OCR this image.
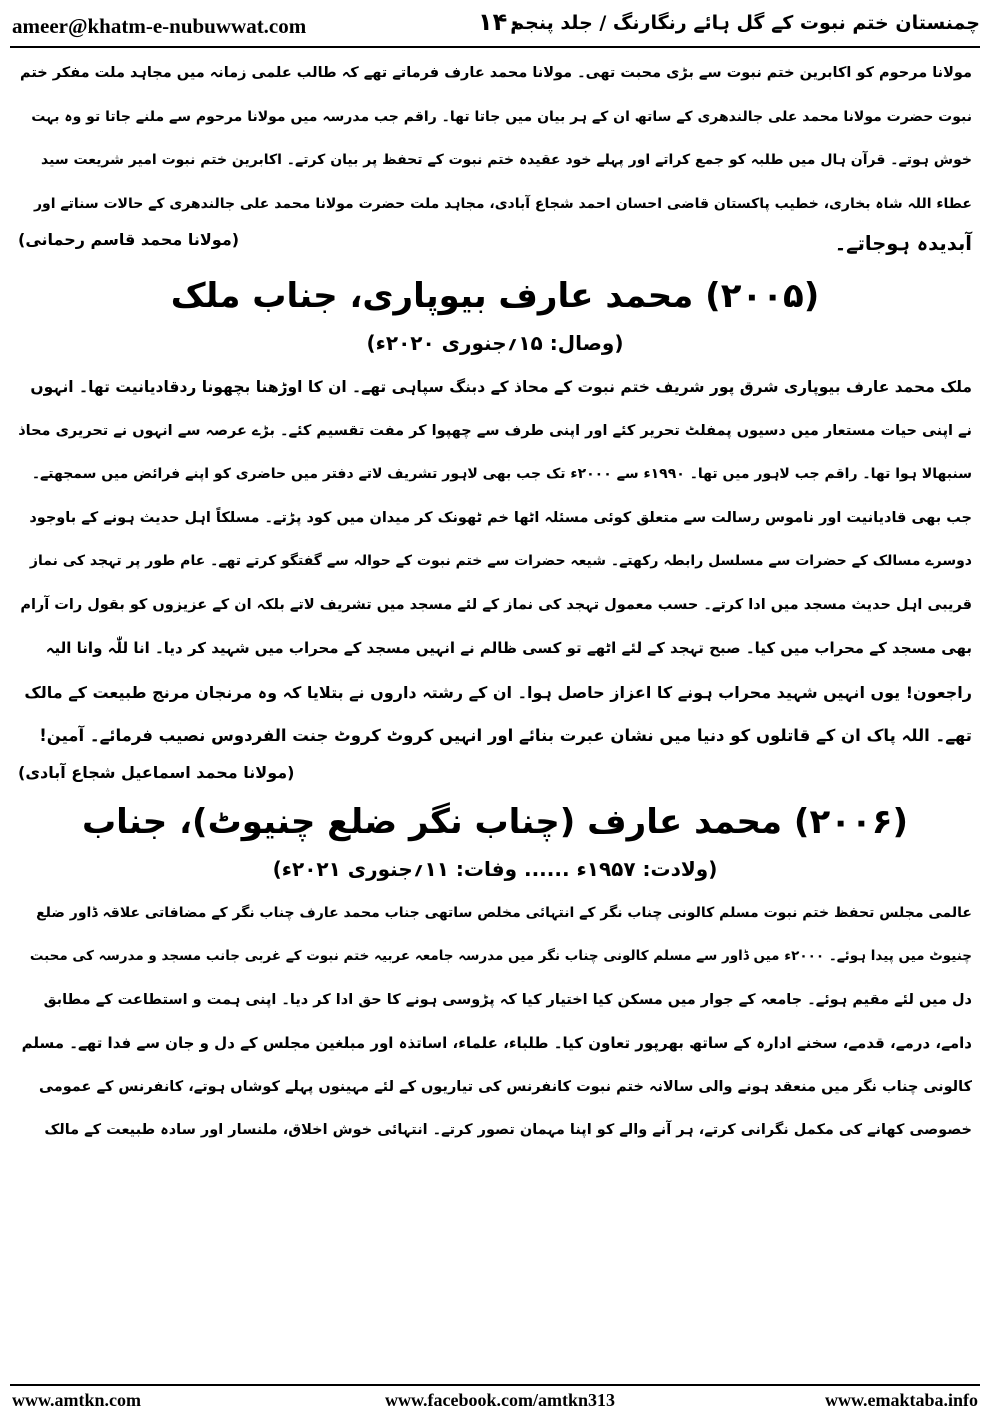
ameer@khatm-e-nubuwwat.com	۱۴۰
چمنستان ختم نبوت کے گل ہائے رنگارنگ / جلد پنجم
مولانا مرحوم کو اکابرین ختم نبوت سے بڑی محبت تھی۔ مولانا محمد عارف فرماتے تھے کہ طالب علمی زمانہ میں مجاہد ملت مفکر ختم
نبوت حضرت مولانا محمد علی جالندھری کے ساتھ ان کے ہر بیان میں جاتا تھا۔ راقم جب مدرسہ میں مولانا مرحوم سے ملنے جاتا تو وہ بہت
خوش ہوتے۔ قرآن ہال میں طلبہ کو جمع کراتے اور پہلے خود عقیدہ ختم نبوت کے تحفظ پر بیان کرتے۔ اکابرین ختم نبوت امیر شریعت سید
عطاء اللہ شاہ بخاری، خطیب پاکستان قاضی احسان احمد شجاع آبادی، مجاہد ملت حضرت مولانا محمد علی جالندھری کے حالات سناتے اور
آبدیدہ ہوجاتے۔
(مولانا محمد قاسم رحمانی)
(۲۰۰۵) محمد عارف بیوپاری، جناب ملک
(وصال: ۱۵؍جنوری ۲۰۲۰ء)
ملک محمد عارف بیوپاری شرق پور شریف ختم نبوت کے محاذ کے دبنگ سپاہی تھے۔ ان کا اوڑھنا بچھونا ردقادیانیت تھا۔ انہوں
نے اپنی حیات مستعار میں دسیوں پمفلٹ تحریر کئے اور اپنی طرف سے چھپوا کر مفت تقسیم کئے۔ بڑے عرصہ سے انہوں نے تحریری محاذ
سنبھالا ہوا تھا۔ راقم جب لاہور میں تھا۔ ۱۹۹۰ء سے ۲۰۰۰ء تک جب بھی لاہور تشریف لاتے دفتر میں حاضری کو اپنے فرائض میں سمجھتے۔
جب بھی قادیانیت اور ناموس رسالت سے متعلق کوئی مسئلہ اٹھا خم ٹھونک کر میدان میں کود پڑتے۔ مسلکاً اہل حدیث ہونے کے باوجود
دوسرے مسالک کے حضرات سے مسلسل رابطہ رکھتے۔ شیعہ حضرات سے ختم نبوت کے حوالہ سے گفتگو کرتے تھے۔ عام طور پر تہجد کی نماز
قریبی اہل حدیث مسجد میں ادا کرتے۔ حسب معمول تہجد کی نماز کے لئے مسجد میں تشریف لاتے بلکہ ان کے عزیزوں کو بقول رات آرام
بھی مسجد کے محراب میں کیا۔ صبح تہجد کے لئے اٹھے تو کسی ظالم نے انہیں مسجد کے محراب میں شہید کر دیا۔ انا للّٰہ وانا الیہ
راجعون! یوں انہیں شہید محراب ہونے کا اعزاز حاصل ہوا۔ ان کے رشتہ داروں نے بتلایا کہ وہ مرنجان مرنج طبیعت کے مالک
تھے۔ اللہ پاک ان کے قاتلوں کو دنیا میں نشان عبرت بنائے اور انہیں کروٹ کروٹ جنت الفردوس نصیب فرمائے۔ آمین!
(مولانا محمد اسماعیل شجاع آبادی)
(۲۰۰۶) محمد عارف (چناب نگر ضلع چنیوٹ)، جناب
(ولادت: ۱۹۵۷ء ...... وفات: ۱۱؍جنوری ۲۰۲۱ء)
عالمی مجلس تحفظ ختم نبوت مسلم کالونی چناب نگر کے انتہائی مخلص ساتھی جناب محمد عارف چناب نگر کے مضافاتی علاقہ ڈاور ضلع
چنیوٹ میں پیدا ہوئے۔ ۲۰۰۰ء میں ڈاور سے مسلم کالونی چناب نگر میں مدرسہ جامعہ عربیہ ختم نبوت کے غربی جانب مسجد و مدرسہ کی محبت
دل میں لئے مقیم ہوئے۔ جامعہ کے جوار میں مسکن کیا اختیار کیا کہ پڑوسی ہونے کا حق ادا کر دیا۔ اپنی ہمت و استطاعت کے مطابق
دامے، درمے، قدمے، سخنے ادارہ کے ساتھ بھرپور تعاون کیا۔ طلباء، علماء، اساتذہ اور مبلغین مجلس کے دل و جان سے فدا تھے۔ مسلم
کالونی چناب نگر میں منعقد ہونے والی سالانہ ختم نبوت کانفرنس کی تیاریوں کے لئے مہینوں پہلے کوشاں ہوتے، کانفرنس کے عمومی
خصوصی کھانے کی مکمل نگرانی کرتے، ہر آنے والے کو اپنا مہمان تصور کرتے۔ انتہائی خوش اخلاق، ملنسار اور سادہ طبیعت کے مالک
www.amtkn.com	www.facebook.com/amtkn313	www.emaktaba.info
